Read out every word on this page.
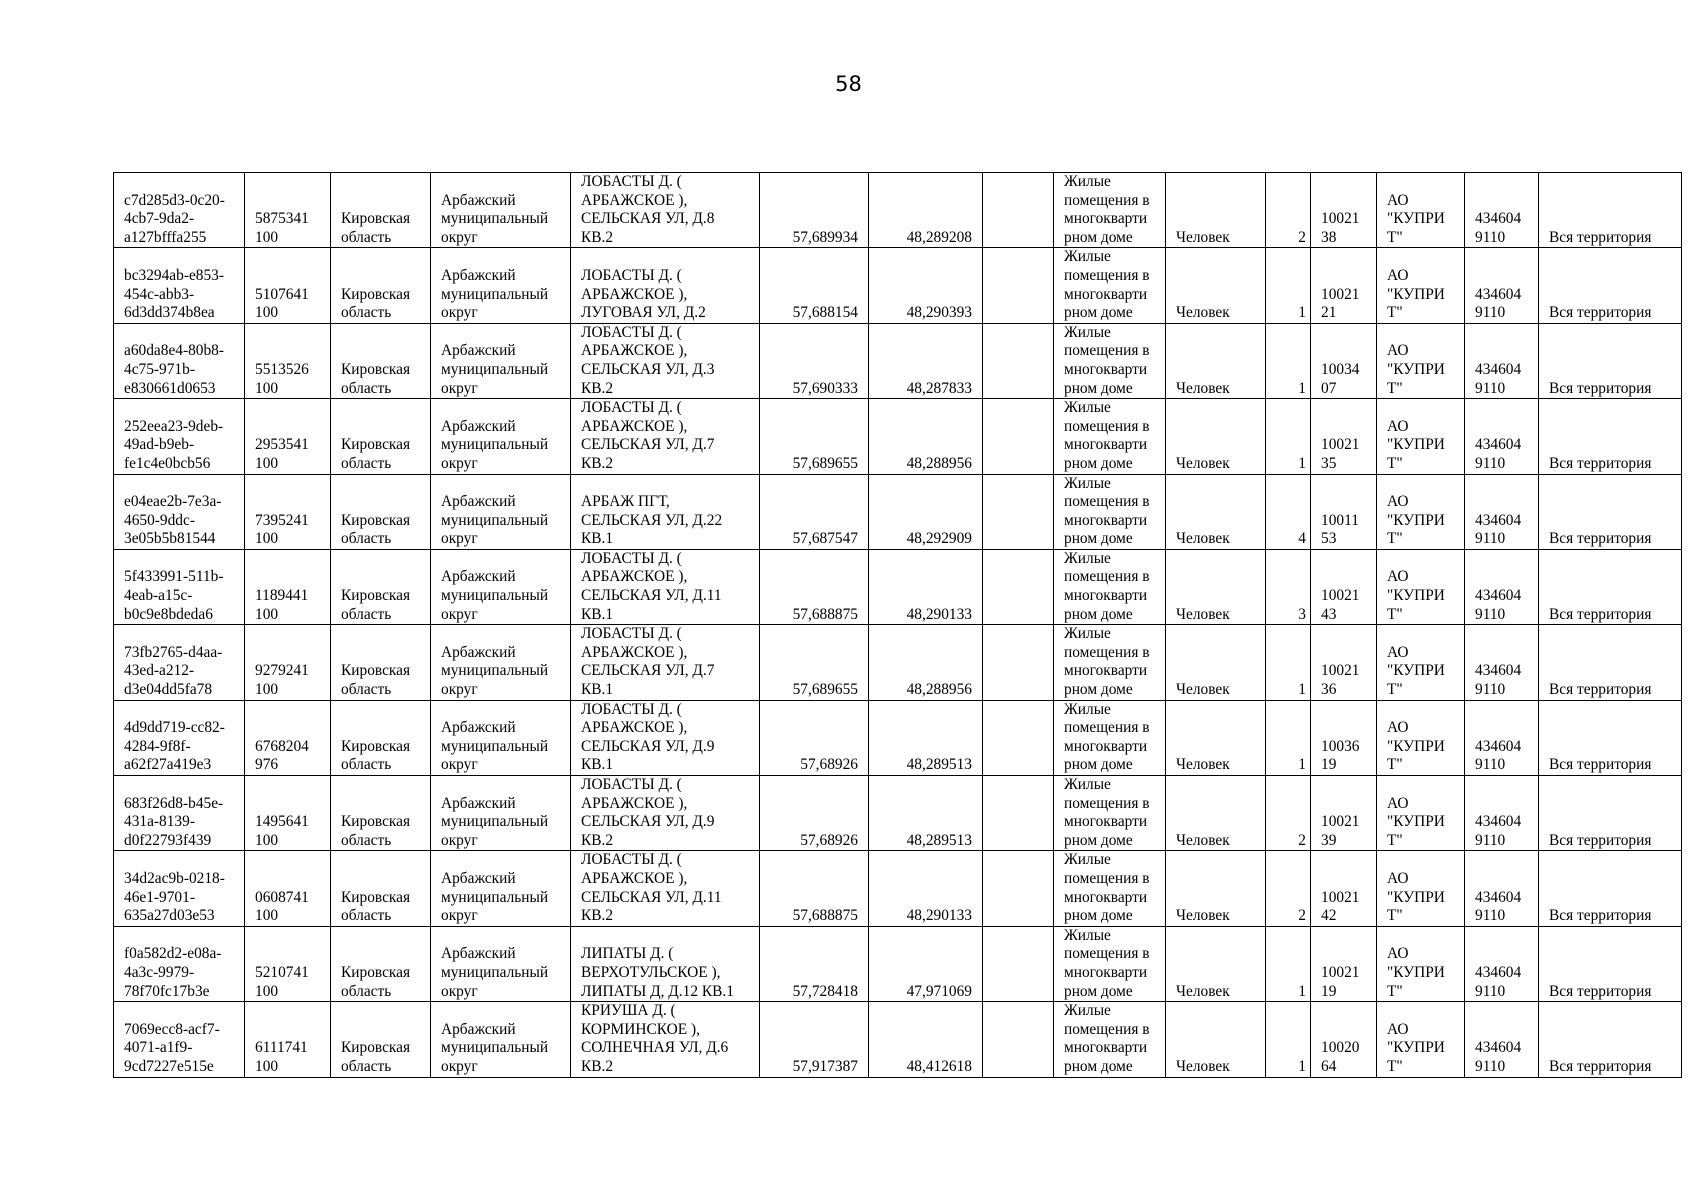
58
c7d285d3-0c20-
4cb7-9da2-
a127bfffa255	5875341
100	Кировская
область	Арбажский
муниципальный
округ	ЛОБАСТЫ Д. (
АРБАЖСКОЕ ),
СЕЛЬСКАЯ УЛ, Д.8
КВ.2	57,689934	48,289208		Жилые
помещения в
многокварти
рном доме	Человек	2	10021
38	АО
"КУПРИ
Т"	434604
9110	Вся территория

bc3294ab-e853-
454c-abb3-
6d3dd374b8ea	5107641
100	Кировская
область	Арбажский
муниципальный
округ	ЛОБАСТЫ Д. (
АРБАЖСКОЕ ),
ЛУГОВАЯ УЛ, Д.2	57,688154	48,290393		Жилые
помещения в
многокварти
рном доме	Человек	1	10021
21	АО
"КУПРИ
Т"	434604
9110	Вся территория

a60da8e4-80b8-
4c75-971b-
e830661d0653	5513526
100	Кировская
область	Арбажский
муниципальный
округ	ЛОБАСТЫ Д. (
АРБАЖСКОЕ ),
СЕЛЬСКАЯ УЛ, Д.3
КВ.2	57,690333	48,287833		Жилые
помещения в
многокварти
рном доме	Человек	1	10034
07	АО
"КУПРИ
Т"	434604
9110	Вся территория

252eea23-9deb-
49ad-b9eb-
fe1c4e0bcb56	2953541
100	Кировская
область	Арбажский
муниципальный
округ	ЛОБАСТЫ Д. (
АРБАЖСКОЕ ),
СЕЛЬСКАЯ УЛ, Д.7
КВ.2	57,689655	48,288956		Жилые
помещения в
многокварти
рном доме	Человек	1	10021
35	АО
"КУПРИ
Т"	434604
9110	Вся территория

e04eae2b-7e3a-
4650-9ddc-
3e05b5b81544	7395241
100	Кировская
область	Арбажский
муниципальный
округ	АРБАЖ ПГТ,
СЕЛЬСКАЯ УЛ, Д.22
КВ.1	57,687547	48,292909		Жилые
помещения в
многокварти
рном доме	Человек	4	10011
53	АО
"КУПРИ
Т"	434604
9110	Вся территория

5f433991-511b-
4eab-a15c-
b0c9e8bdeda6	1189441
100	Кировская
область	Арбажский
муниципальный
округ	ЛОБАСТЫ Д. (
АРБАЖСКОЕ ),
СЕЛЬСКАЯ УЛ, Д.11
КВ.1	57,688875	48,290133		Жилые
помещения в
многокварти
рном доме	Человек	3	10021
43	АО
"КУПРИ
Т"	434604
9110	Вся территория

73fb2765-d4aa-
43ed-a212-
d3e04dd5fa78	9279241
100	Кировская
область	Арбажский
муниципальный
округ	ЛОБАСТЫ Д. (
АРБАЖСКОЕ ),
СЕЛЬСКАЯ УЛ, Д.7
КВ.1	57,689655	48,288956		Жилые
помещения в
многокварти
рном доме	Человек	1	10021
36	АО
"КУПРИ
Т"	434604
9110	Вся территория

4d9dd719-cc82-
4284-9f8f-
a62f27a419e3	6768204
976	Кировская
область	Арбажский
муниципальный
округ	ЛОБАСТЫ Д. (
АРБАЖСКОЕ ),
СЕЛЬСКАЯ УЛ, Д.9
КВ.1	57,68926	48,289513		Жилые
помещения в
многокварти
рном доме	Человек	1	10036
19	АО
"КУПРИ
Т"	434604
9110	Вся территория

683f26d8-b45e-
431a-8139-
d0f22793f439	1495641
100	Кировская
область	Арбажский
муниципальный
округ	ЛОБАСТЫ Д. (
АРБАЖСКОЕ ),
СЕЛЬСКАЯ УЛ, Д.9
КВ.2	57,68926	48,289513		Жилые
помещения в
многокварти
рном доме	Человек	2	10021
39	АО
"КУПРИ
Т"	434604
9110	Вся территория

34d2ac9b-0218-
46e1-9701-
635a27d03e53	0608741
100	Кировская
область	Арбажский
муниципальный
округ	ЛОБАСТЫ Д. (
АРБАЖСКОЕ ),
СЕЛЬСКАЯ УЛ, Д.11
КВ.2	57,688875	48,290133		Жилые
помещения в
многокварти
рном доме	Человек	2	10021
42	АО
"КУПРИ
Т"	434604
9110	Вся территория

f0a582d2-e08a-
4a3c-9979-
78f70fc17b3e	5210741
100	Кировская
область	Арбажский
муниципальный
округ	ЛИПАТЫ Д. (
ВЕРХОТУЛЬСКОЕ ),
ЛИПАТЫ Д, Д.12 КВ.1	57,728418	47,971069		Жилые
помещения в
многокварти
рном доме	Человек	1	10021
19	АО
"КУПРИ
Т"	434604
9110	Вся территория

7069ecc8-acf7-
4071-a1f9-
9cd7227e515e	6111741
100	Кировская
область	Арбажский
муниципальный
округ	КРИУША Д. (
КОРМИНСКОЕ ),
СОЛНЕЧНАЯ УЛ, Д.6
КВ.2	57,917387	48,412618		Жилые
помещения в
многокварти
рном доме	Человек	1	10020
64	АО
"КУПРИ
Т"	434604
9110	Вся территория
